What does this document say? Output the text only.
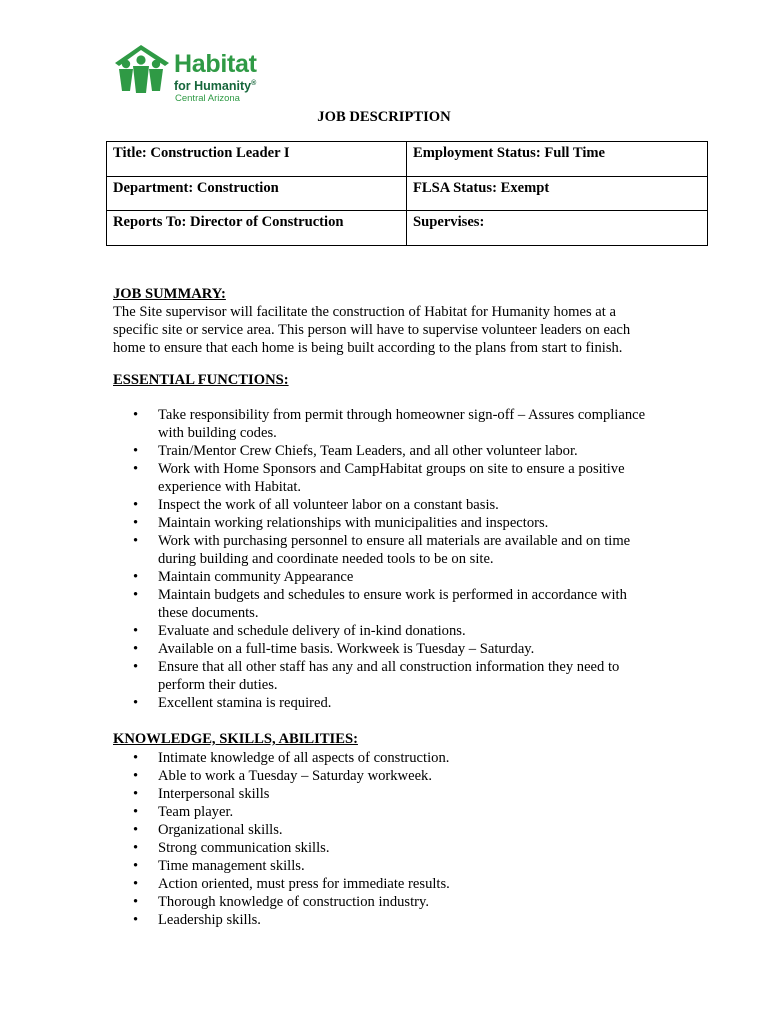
Habitat
for Humanity®
Central Arizona
JOB DESCRIPTION
Title: Construction Leader I	Employment Status: Full Time
Department: Construction	FLSA Status: Exempt
Reports To: Director of Construction	Supervises:

JOB SUMMARY:

The Site supervisor will facilitate the construction of Habitat for Humanity homes at a specific site or service area. This person will have to supervise volunteer leaders on each home to ensure that each home is being built according to the plans from start to finish.

ESSENTIAL FUNCTIONS:

• Take responsibility from permit through homeowner sign-off – Assures compliance with building codes.
• Train/Mentor Crew Chiefs, Team Leaders, and all other volunteer labor.
• Work with Home Sponsors and CampHabitat groups on site to ensure a positive experience with Habitat.
• Inspect the work of all volunteer labor on a constant basis.
• Maintain working relationships with municipalities and inspectors.
• Work with purchasing personnel to ensure all materials are available and on time during building and coordinate needed tools to be on site.
• Maintain community Appearance
• Maintain budgets and schedules to ensure work is performed in accordance with these documents.
• Evaluate and schedule delivery of in-kind donations.
• Available on a full-time basis. Workweek is Tuesday – Saturday.
• Ensure that all other staff has any and all construction information they need to perform their duties.
• Excellent stamina is required.

KNOWLEDGE, SKILLS, ABILITIES:

• Intimate knowledge of all aspects of construction.
• Able to work a Tuesday – Saturday workweek.
• Interpersonal skills
• Team player.
• Organizational skills.
• Strong communication skills.
• Time management skills.
• Action oriented, must press for immediate results.
• Thorough knowledge of construction industry.
• Leadership skills.
